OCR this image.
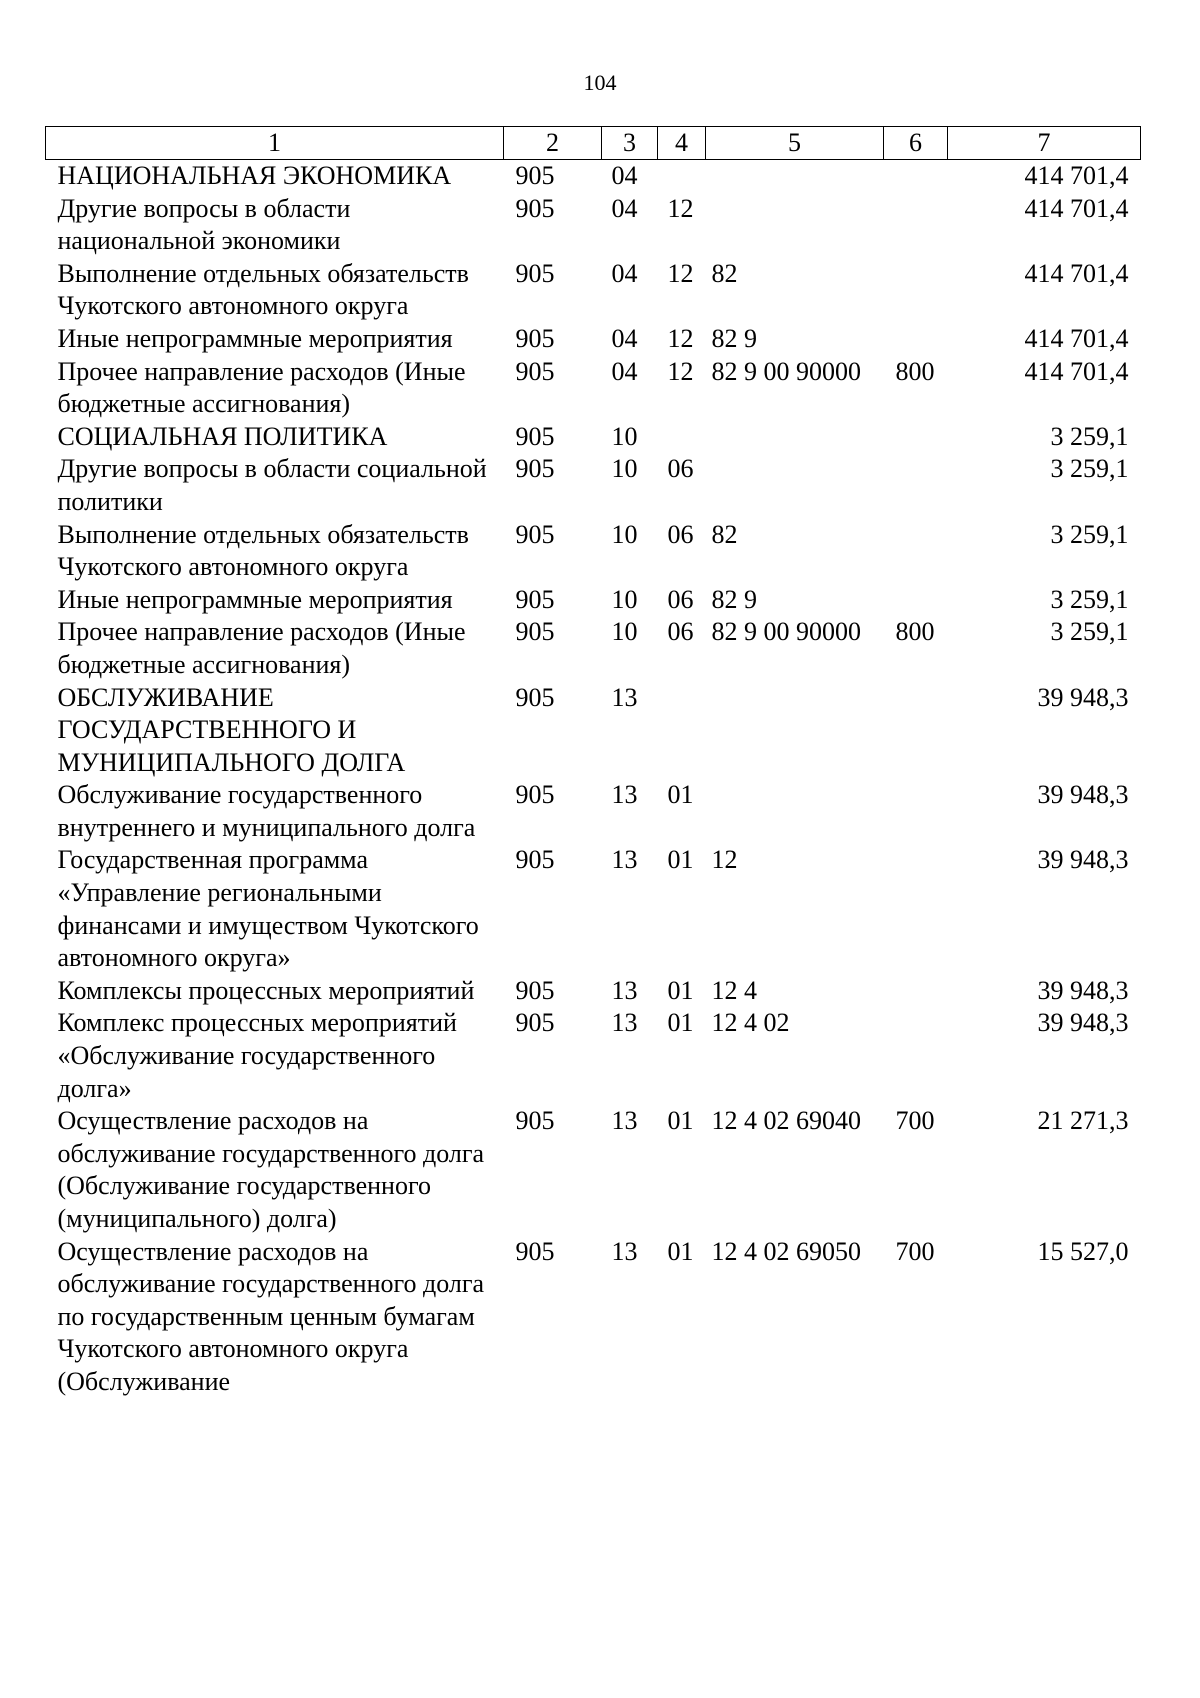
104
1	2	3	4	5	6	7
НАЦИОНАЛЬНАЯ ЭКОНОМИКА	905	04				414 701,4
Другие вопросы в области национальной экономики	905	04	12			414 701,4
Выполнение отдельных обязательств Чукотского автономного округа	905	04	12	82		414 701,4
Иные непрограммные мероприятия	905	04	12	82 9		414 701,4
Прочее направление расходов (Иные бюджетные ассигнования)	905	04	12	82 9 00 90000	800	414 701,4
СОЦИАЛЬНАЯ ПОЛИТИКА	905	10				3 259,1
Другие вопросы в области социальной политики	905	10	06			3 259,1
Выполнение отдельных обязательств Чукотского автономного округа	905	10	06	82		3 259,1
Иные непрограммные мероприятия	905	10	06	82 9		3 259,1
Прочее направление расходов (Иные бюджетные ассигнования)	905	10	06	82 9 00 90000	800	3 259,1
ОБСЛУЖИВАНИЕ ГОСУДАРСТВЕННОГО И МУНИЦИПАЛЬНОГО ДОЛГА	905	13				39 948,3
Обслуживание государственного внутреннего и муниципального долга	905	13	01			39 948,3
Государственная программа «Управление региональными финансами и имуществом Чукотского автономного округа»	905	13	01	12		39 948,3
Комплексы процессных мероприятий	905	13	01	12 4		39 948,3
Комплекс процессных мероприятий «Обслуживание государственного долга»	905	13	01	12 4 02		39 948,3
Осуществление расходов на обслуживание государственного долга (Обслуживание государственного (муниципального) долга)	905	13	01	12 4 02 69040	700	21 271,3
Осуществление расходов на обслуживание государственного долга по государственным ценным бумагам Чукотского автономного округа (Обслуживание	905	13	01	12 4 02 69050	700	15 527,0
